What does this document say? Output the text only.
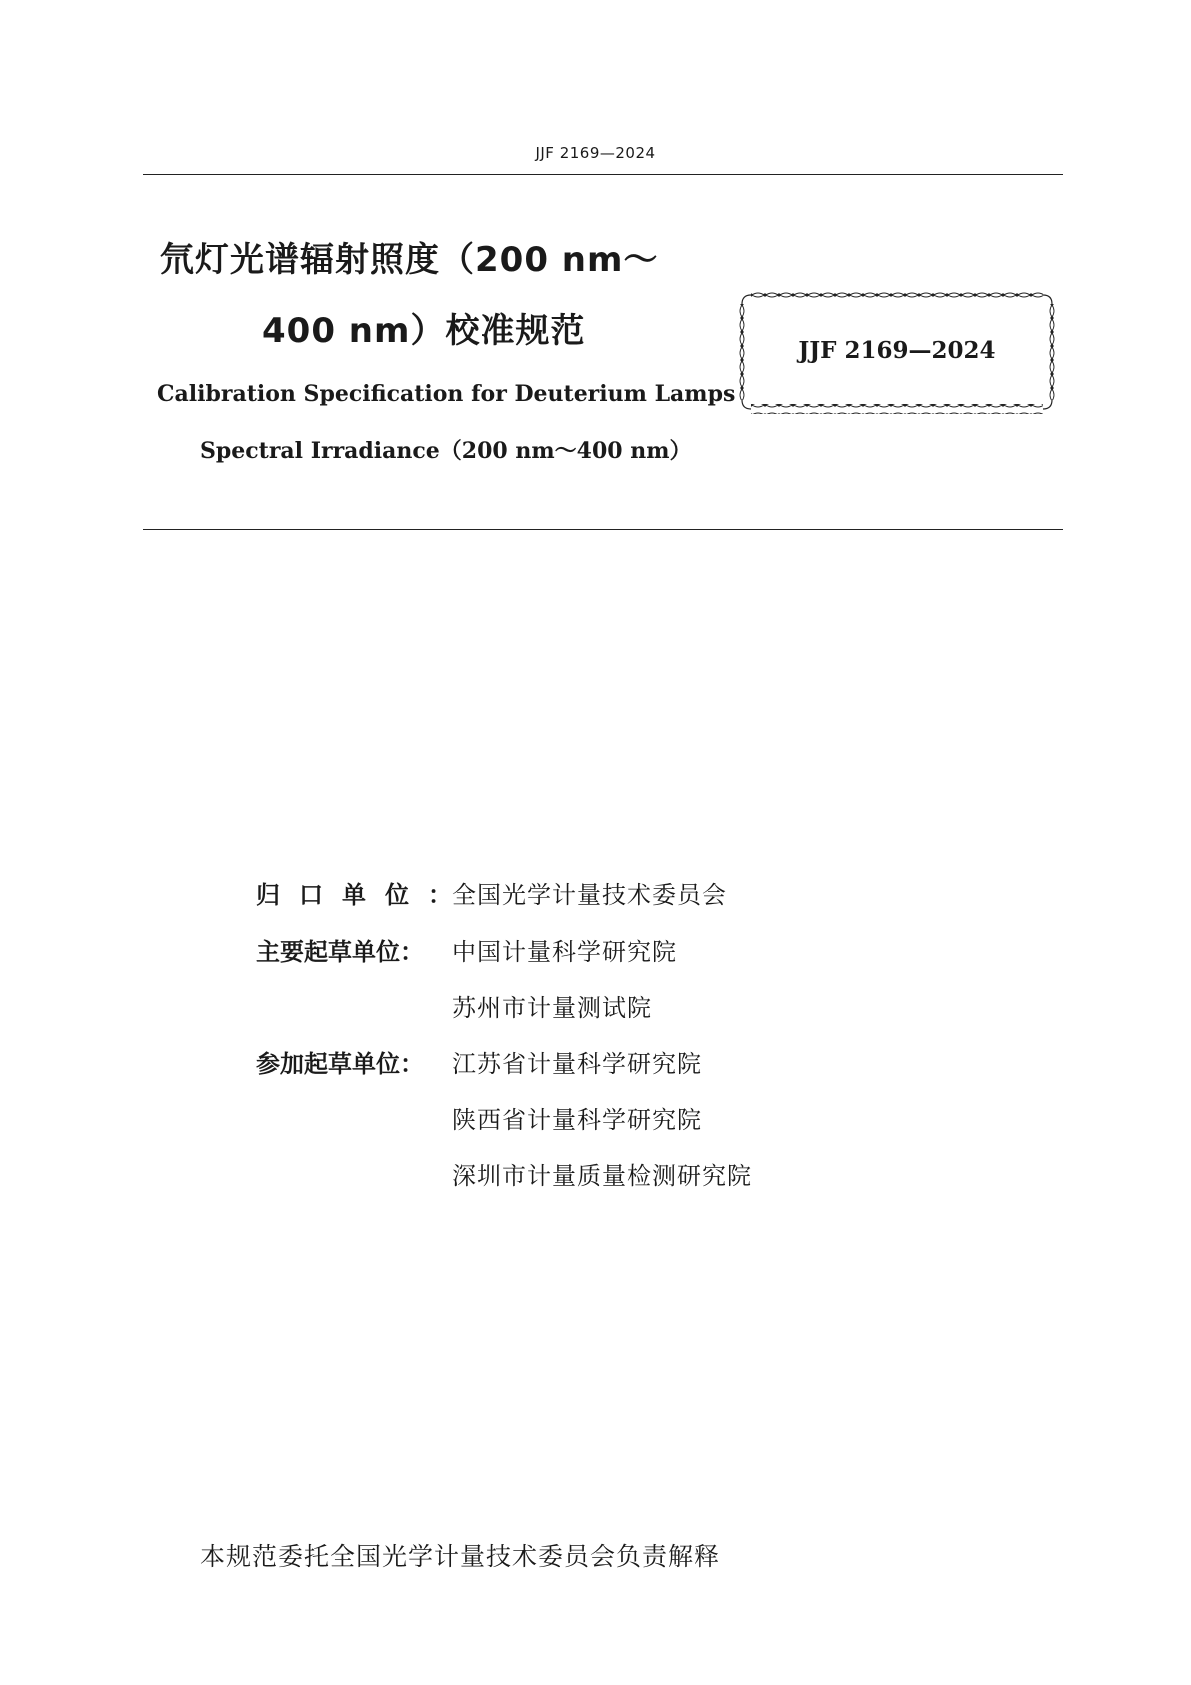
JJF 2169—2024
氘灯光谱辐射照度（200 nm～
400 nm）校准规范
Calibration Specification for Deuterium Lamps
Spectral Irradiance（200 nm～400 nm）
JJF 2169—2024
归口单位：
全国光学计量技术委员会
主要起草单位： 中国计量科学研究院
苏州市计量测试院
参加起草单位： 江苏省计量科学研究院
陕西省计量科学研究院
深圳市计量质量检测研究院
本规范委托全国光学计量技术委员会负责解释
